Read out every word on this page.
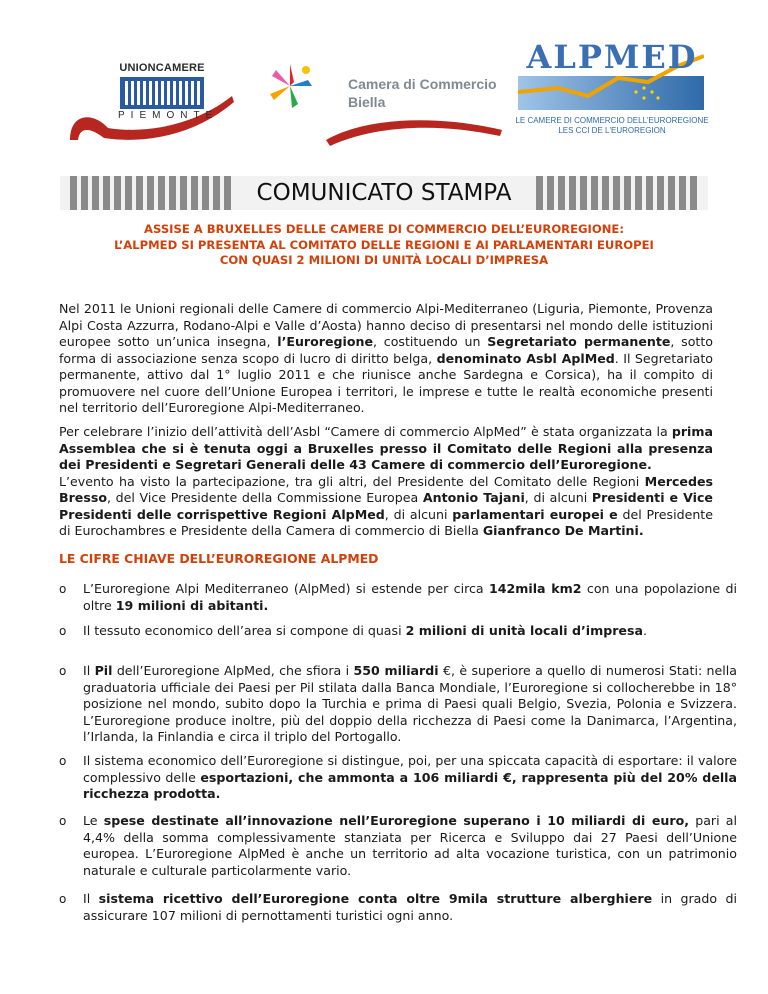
UNIONCAMERE
PIEMONTE
Camera di Commercio
Biella
ALPMED
LE CAMERE DI COMMERCIO DELL'EUROREGIONE
LES CCI DE L'EUROREGION
COMUNICATO STAMPA
ASSISE A BRUXELLES DELLE CAMERE DI COMMERCIO DELL’EUROREGIONE:
L’ALPMED SI PRESENTA AL COMITATO DELLE REGIONI E AI PARLAMENTARI EUROPEI
CON QUASI 2 MILIONI DI UNITÀ LOCALI D’IMPRESA

Nel 2011 le Unioni regionali delle Camere di commercio Alpi-Mediterraneo (Liguria, Piemonte, Provenza Alpi Costa Azzurra, Rodano-Alpi e Valle d’Aosta) hanno deciso di presentarsi nel mondo delle istituzioni europee sotto un’unica insegna, l’Euroregione, costituendo un Segretariato permanente, sotto forma di associazione senza scopo di lucro di diritto belga, denominato Asbl AplMed. Il Segretariato permanente, attivo dal 1° luglio 2011 e che riunisce anche Sardegna e Corsica), ha il compito di promuovere nel cuore dell’Unione Europea i territori, le imprese e tutte le realtà economiche presenti nel territorio dell’Euroregione Alpi-Mediterraneo.

Per celebrare l’inizio dell’attività dell’Asbl “Camere di commercio AlpMed” è stata organizzata la prima Assemblea che si è tenuta oggi a Bruxelles presso il Comitato delle Regioni alla presenza dei Presidenti e Segretari Generali delle 43 Camere di commercio dell’Euroregione.
L’evento ha visto la partecipazione, tra gli altri, del Presidente del Comitato delle Regioni Mercedes Bresso, del Vice Presidente della Commissione Europea Antonio Tajani, di alcuni Presidenti e Vice Presidenti delle corrispettive Regioni AlpMed, di alcuni parlamentari europei e del Presidente di Eurochambres e Presidente della Camera di commercio di Biella Gianfranco De Martini.

LE CIFRE CHIAVE DELL’EUROREGIONE ALPMED
o L’Euroregione Alpi Mediterraneo (AlpMed) si estende per circa 142mila km2 con una popolazione di oltre 19 milioni di abitanti.

o Il tessuto economico dell’area si compone di quasi 2 milioni di unità locali d’impresa.

o Il Pil dell’Euroregione AlpMed, che sfiora i 550 miliardi €, è superiore a quello di numerosi Stati: nella graduatoria ufficiale dei Paesi per Pil stilata dalla Banca Mondiale, l’Euroregione si collocherebbe in 18° posizione nel mondo, subito dopo la Turchia e prima di Paesi quali Belgio, Svezia, Polonia e Svizzera. L’Euroregione produce inoltre, più del doppio della ricchezza di Paesi come la Danimarca, l’Argentina, l’Irlanda, la Finlandia e circa il triplo del Portogallo.

o Il sistema economico dell’Euroregione si distingue, poi, per una spiccata capacità di esportare: il valore complessivo delle esportazioni, che ammonta a 106 miliardi €, rappresenta più del 20% della ricchezza prodotta.

o Le spese destinate all’innovazione nell’Euroregione superano i 10 miliardi di euro, pari al 4,4% della somma complessivamente stanziata per Ricerca e Sviluppo dai 27 Paesi dell’Unione europea. L’Euroregione AlpMed è anche un territorio ad alta vocazione turistica, con un patrimonio naturale e culturale particolarmente vario.

o Il sistema ricettivo dell’Euroregione conta oltre 9mila strutture alberghiere in grado di assicurare 107 milioni di pernottamenti turistici ogni anno.
